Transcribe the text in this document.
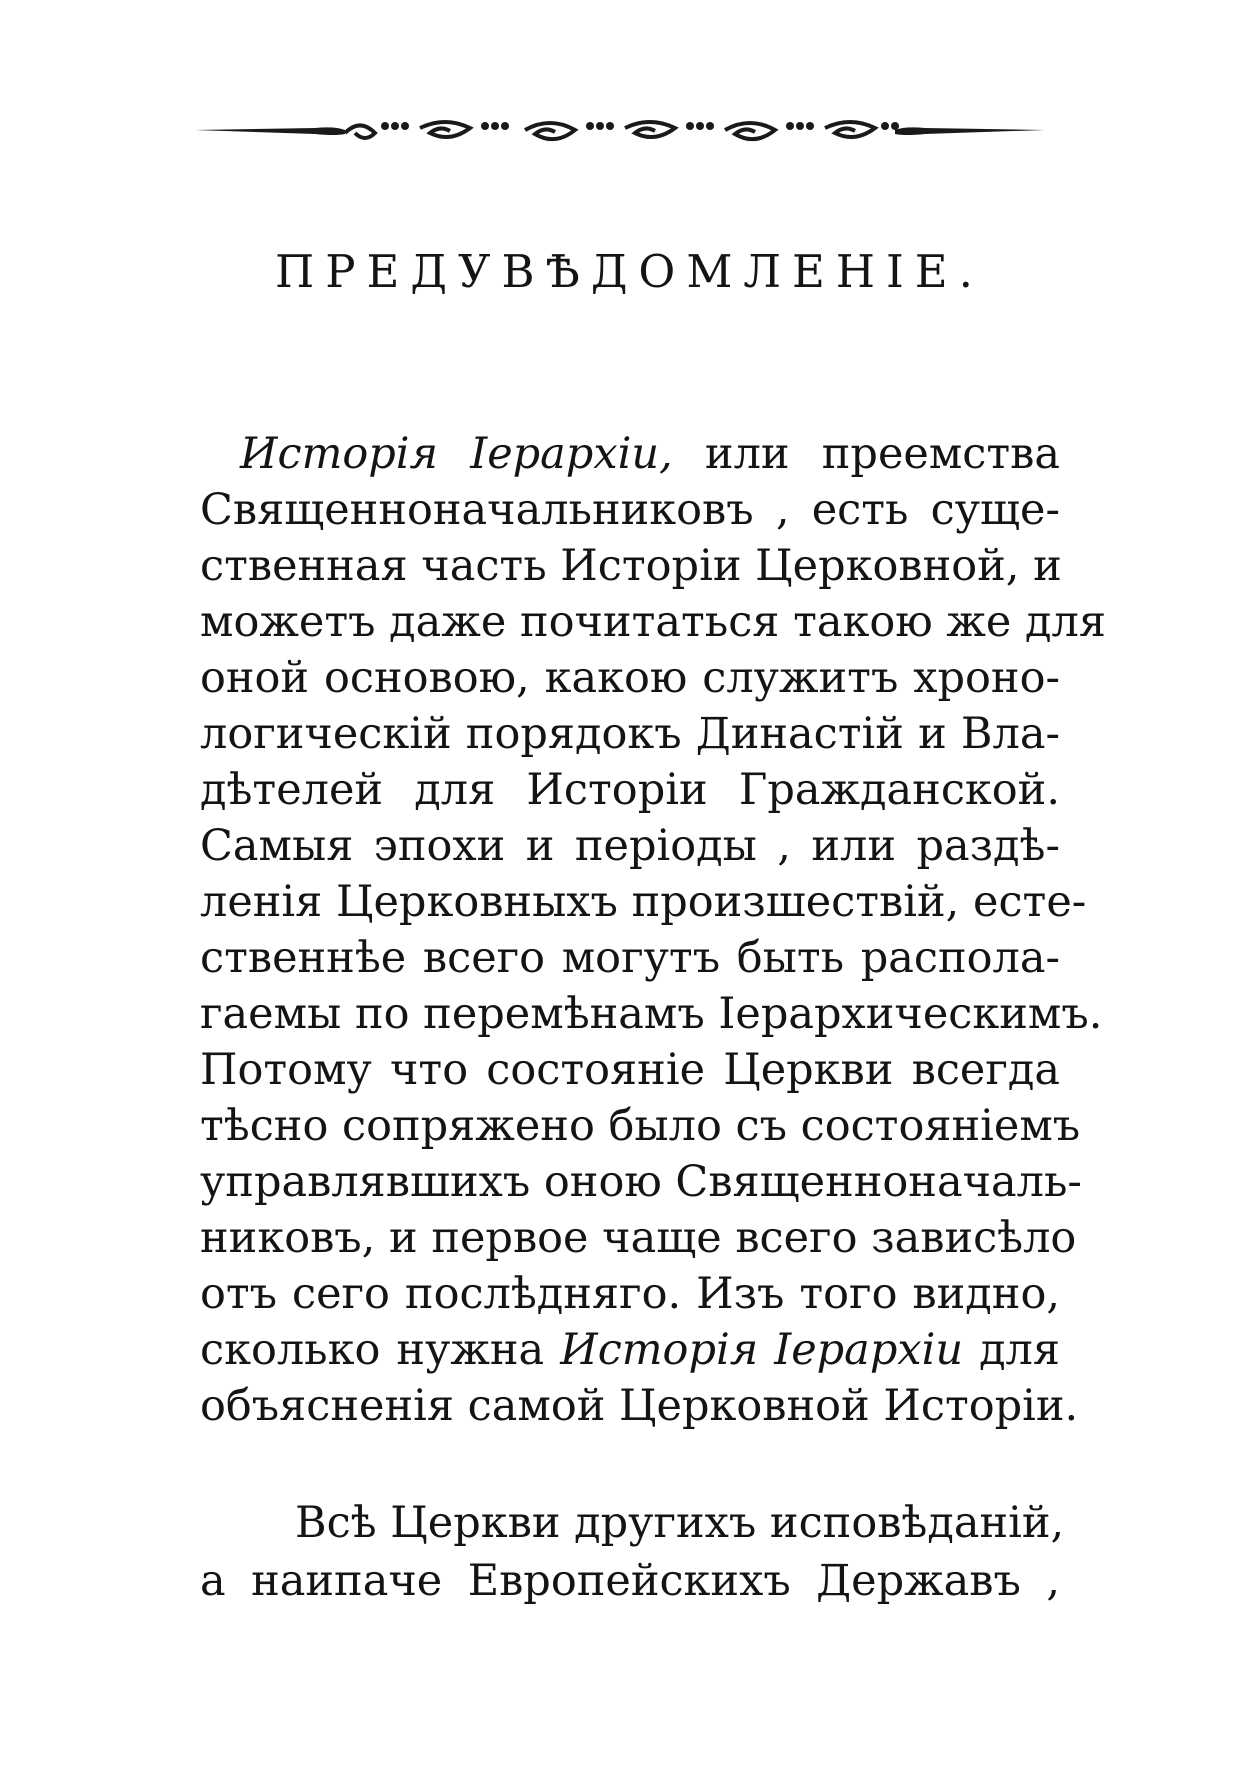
ПРЕДУВѢДОМЛЕНІЕ.
Исторія Іерархіи, или преемства
Священноначальниковъ , есть суще-
ственная часть Исторіи Церковной, и
можетъ даже почитаться такою же для
оной основою, какою служитъ хроно-
логическій порядокъ Династій и Вла-
дѣтелей для Исторіи Гражданской.
Самыя эпохи и періоды , или раздѣ-
ленія Церковныхъ произшествій, есте-
ственнѣе всего могутъ быть распола-
гаемы по перемѣнамъ Іерархическимъ.
Потому что состояніе Церкви всегда
тѣсно сопряжено было съ состояніемъ
управлявшихъ оною Священноначаль-
никовъ, и первое чаще всего зависѣло
отъ сего послѣдняго. Изъ того видно,
сколько нужна Исторія Іерархіи для
объясненія самой Церковной Исторіи.
Всѣ Церкви другихъ исповѣданій,
а наипаче Европейскихъ Державъ ,
